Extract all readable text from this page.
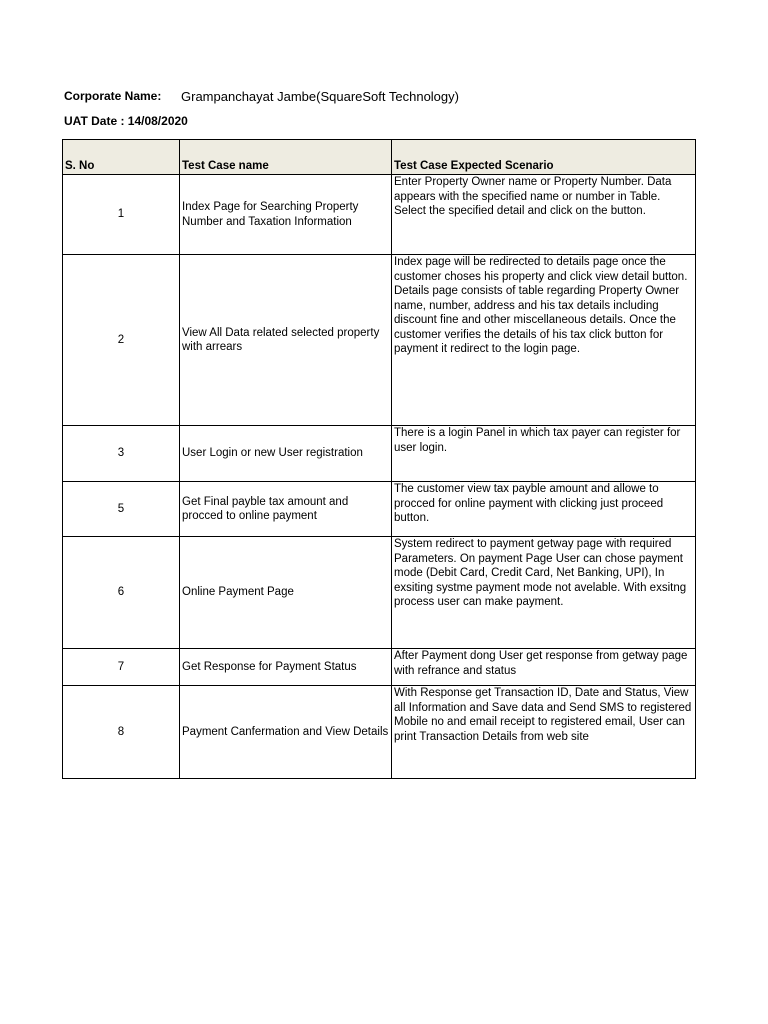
Corporate Name: Grampanchayat Jambe(SquareSoft Technology)
UAT Date : 14/08/2020
S. No	Test Case name	Test Case Expected Scenario
1	Index Page for Searching Property Number and Taxation Information	Enter Property Owner name or Property Number. Data appears with the specified name or number in Table. Select the specified detail and click on the button.
2	View All Data related selected property with arrears	Index page will be redirected to details page once the customer choses his property and click view detail button. Details page consists of table regarding Property Owner name, number, address and his tax details including discount fine and other miscellaneous details. Once the customer verifies the details of his tax click button for payment it redirect to the login page.
3	User Login or new User registration	There is a login Panel in which tax payer can register for user login.
5	Get Final payble tax amount and procced to online payment	The customer view tax payble amount and allowe to procced for online payment with clicking just proceed button.
6	Online Payment Page	System redirect to payment getway page with required Parameters. On payment Page User can chose payment mode (Debit Card, Credit Card, Net Banking, UPI), In exsiting systme payment mode not avelable. With exsitng process user can make payment.
7	Get Response for Payment Status	After Payment dong User get response from getway page with refrance and status
8	Payment Canfermation and View Details	With Response get Transaction ID, Date and Status, View all Information and Save data and Send SMS to registered Mobile no and email receipt to registered email, User can print Transaction Details from web site
